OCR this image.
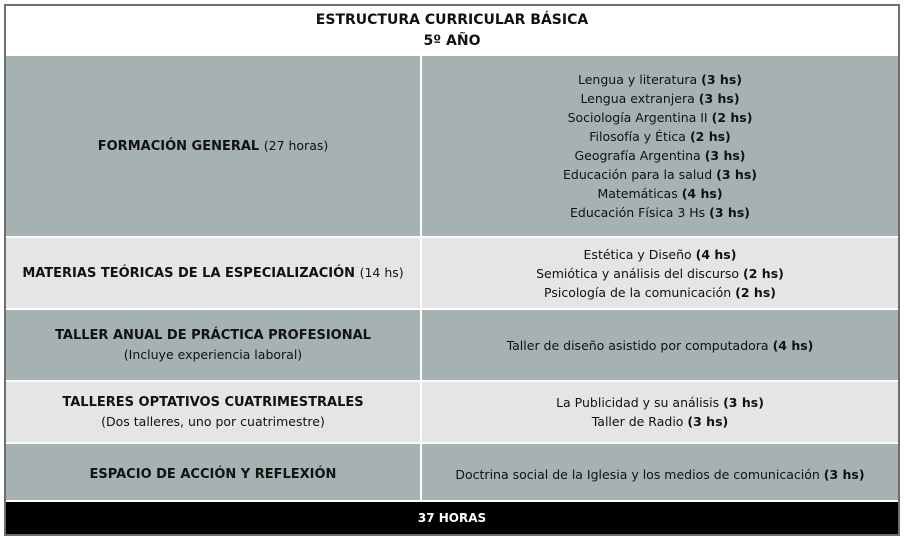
ESTRUCTURA CURRICULAR BÁSICA
5º AÑO
FORMACIÓN GENERAL (27 horas)
Lengua y literatura (3 hs)
Lengua extranjera (3 hs)
Sociología Argentina II (2 hs)
Filosofía y Ética (2 hs)
Geografía Argentina (3 hs)
Educación para la salud (3 hs)
Matemáticas (4 hs)
Educación Física 3 Hs (3 hs)
MATERIAS TEÓRICAS DE LA ESPECIALIZACIÓN (14 hs)
Estética y Diseño (4 hs)
Semiótica y análisis del discurso (2 hs)
Psicología de la comunicación (2 hs)
TALLER ANUAL DE PRÁCTICA PROFESIONAL
(Incluye experiencia laboral)
Taller de diseño asistido por computadora (4 hs)
TALLERES OPTATIVOS CUATRIMESTRALES
(Dos talleres, uno por cuatrimestre)
La Publicidad y su análisis (3 hs)
Taller de Radio (3 hs)
ESPACIO DE ACCIÓN Y REFLEXIÓN	Doctrina social de la Iglesia y los medios de comunicación (3 hs)
37 HORAS
